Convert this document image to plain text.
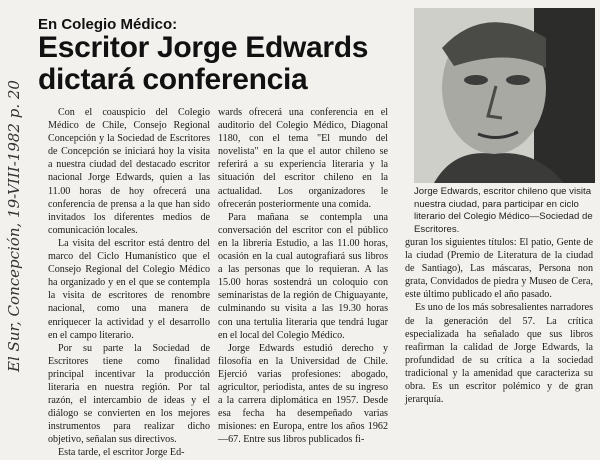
El Sur, Concepción, 19-VIII-1982 p. 20
En Colegio Médico:
Escritor Jorge Edwards dictará conferencia

Con el coauspicio del Colegio Médico de Chile, Consejo Regional Concepción y la Sociedad de Escritores de Concepción se iniciará hoy la visita a nuestra ciudad del destacado escritor nacional Jorge Edwards, quien a las 11.00 horas de hoy ofrecerá una conferencia de prensa a la que han sido invitados los diferentes medios de comunicación locales.

La visita del escritor está dentro del marco del Ciclo Humanístico que el Consejo Regional del Colegio Médico ha organizado y en el que se contempla la visita de escritores de renombre nacional, como una manera de enriquecer la actividad y el desarrollo en el campo literario.

Por su parte la Sociedad de Escritores tiene como finalidad principal incentivar la producción literaria en nuestra región. Por tal razón, el intercambio de ideas y el diálogo se convierten en los mejores instrumentos para realizar dicho objetivo, señalan sus directivos.

Esta tarde, el escritor Jorge Ed-

wards ofrecerá una conferencia en el auditorio del Colegio Médico, Diagonal 1180, con el tema "El mundo del novelista" en la que el autor chileno se referirá a su experiencia literaria y la situación del escritor chileno en la actualidad. Los organizadores le ofrecerán posteriormente una comida.

Para mañana se contempla una conversación del escritor con el público en la librería Estudio, a las 11.00 horas, ocasión en la cual autografiará sus libros a las personas que lo requieran. A las 15.00 horas sostendrá un coloquio con seminaristas de la región de Chiguayante, culminando su visita a las 19.30 horas con una tertulia literaria que tendrá lugar en el local del Colegio Médico.

Jorge Edwards estudió derecho y filosofía en la Universidad de Chile. Ejerció varias profesiones: abogado, agricultor, periodista, antes de su ingreso a la carrera diplomática en 1957. Desde esa fecha ha desempeñado varias misiones: en Europa, entre los años 1962—67. Entre sus libros publicados fi-

Jorge Edwards, escritor chileno que visita nuestra ciudad, para participar en ciclo literario del Colegio Médico—Sociedad de Escritores.

guran los siguientes títulos: El patio, Gente de la ciudad (Premio de Literatura de la ciudad de Santiago), Las máscaras, Persona non grata, Convidados de piedra y Museo de Cera, este último publicado el año pasado.

Es uno de los más sobresalientes narradores de la generación del 57. La crítica especializada ha señalado que sus libros reafirman la calidad de Jorge Edwards, la profundidad de su crítica a la sociedad tradicional y la amenidad que caracteriza su obra. Es un escritor polémico y de gran jerarquía.
